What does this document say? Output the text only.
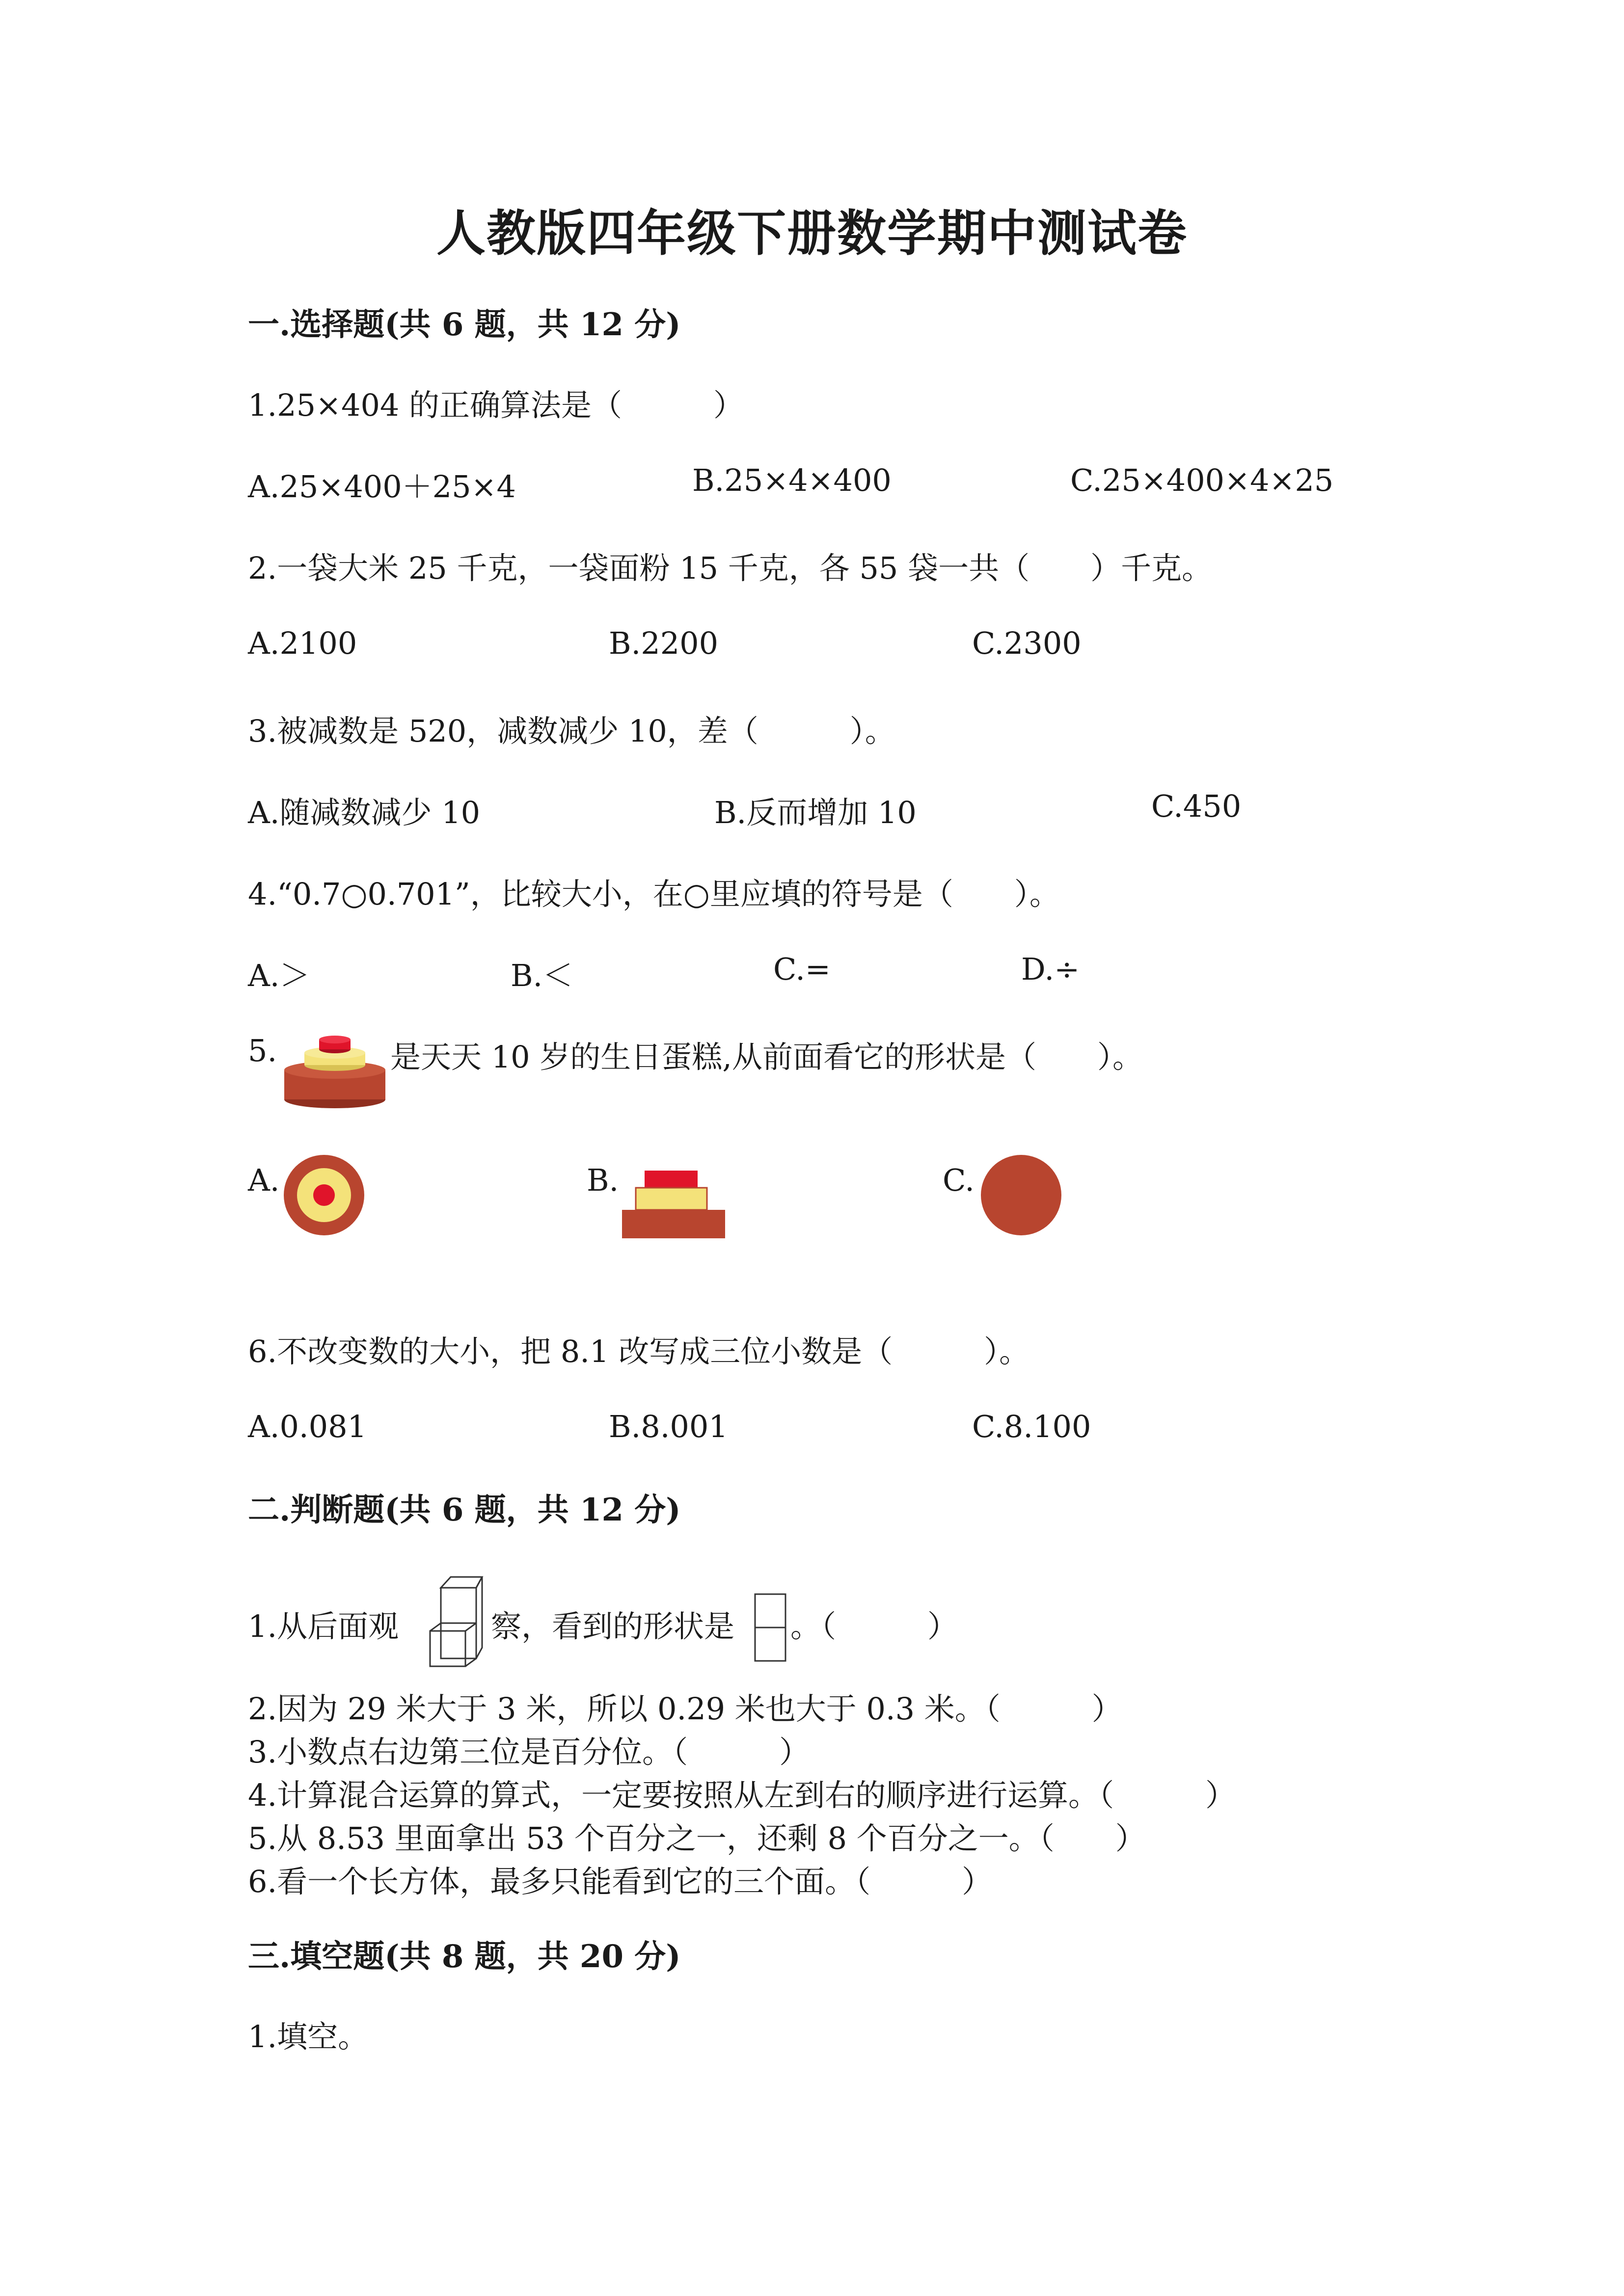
人教版四年级下册数学期中测试卷
一.选择题(共 6 题，共 12 分)
1.25×404 的正确算法是（　　　）
A.25×400＋25×4	B.25×4×400	C.25×400×4×25
2.一袋大米 25 千克，一袋面粉 15 千克，各 55 袋一共（　　）千克。
A.2100	B.2200	C.2300
3.被减数是 520，减数减少 10，差（　　　）。
A.随减数减少 10	B.反而增加 10	C.450
4.“0.7○0.701”，比较大小，在○里应填的符号是（　　）。
A.＞	B.＜	C.=	D.÷
5.	是天天 10 岁的生日蛋糕,从前面看它的形状是（　　）。
A.	B.	C.
6.不改变数的大小，把 8.1 改写成三位小数是（　　　）。
A.0.081	B.8.001	C.8.100
二.判断题(共 6 题，共 12 分)
1.从后面观	察，看到的形状是 。（　　　）
2.因为 29 米大于 3 米，所以 0.29 米也大于 0.3 米。（　　　）
3.小数点右边第三位是百分位。（　　　）
4.计算混合运算的算式，一定要按照从左到右的顺序进行运算。（　　　）
5.从 8.53 里面拿出 53 个百分之一，还剩 8 个百分之一。（　　）
6.看一个长方体，最多只能看到它的三个面。（　　　）
三.填空题(共 8 题，共 20 分)
1.填空。
